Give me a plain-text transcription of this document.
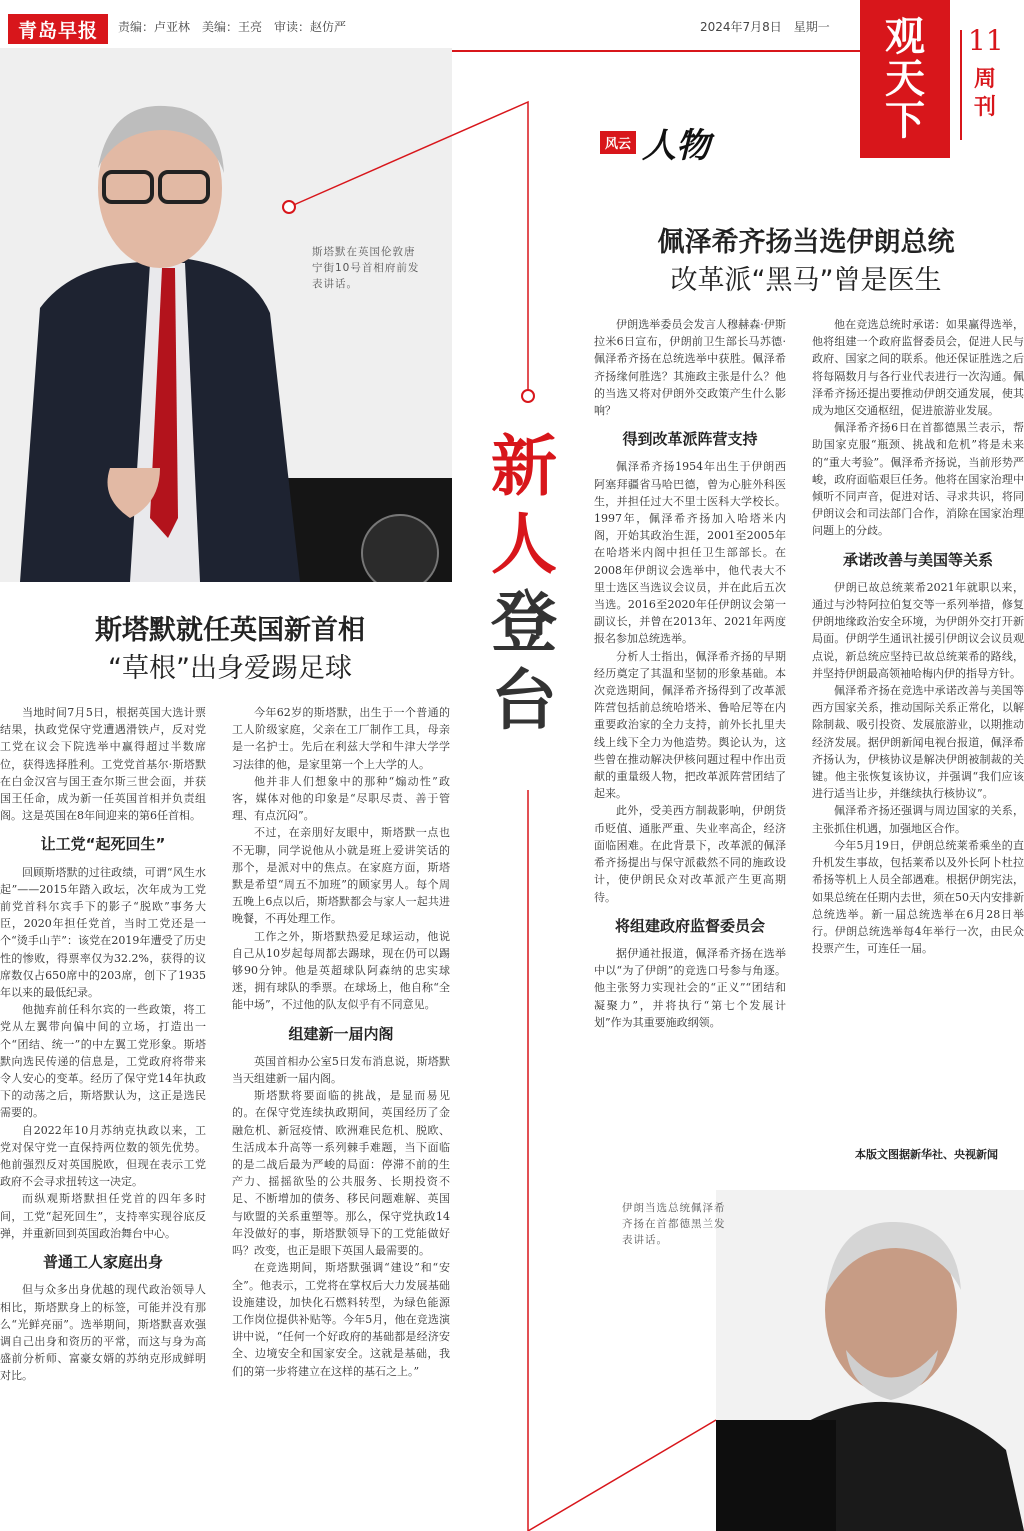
青岛早报	责编：卢亚林　美编：王亮　审读：赵仿严	2024年7月8日　星期一 观
天
下
11
周刊
斯塔默在英国伦敦唐宁街10号首相府前发表讲话。
新
人
登
台
风云 人物
佩泽希齐扬当选伊朗总统
改革派“黑马”曾是医生
斯塔默就任英国新首相
“草根”出身爱踢足球

当地时间7月5日，根据英国大选计票结果，执政党保守党遭遇滑铁卢，反对党工党在议会下院选举中赢得超过半数席位，获得选择胜利。工党党首基尔·斯塔默在白金汉宫与国王查尔斯三世会面，并获国王任命，成为新一任英国首相并负责组阁。这是英国在8年间迎来的第6任首相。

让工党“起死回生”

回顾斯塔默的过往政绩，可谓“风生水起”——2015年踏入政坛，次年成为工党前党首科尔宾手下的影子“脱欧”事务大臣，2020年担任党首，当时工党还是一个“烫手山芋”：该党在2019年遭受了历史性的惨败，得票率仅为32.2%，获得的议席数仅占650席中的203席，创下了1935年以来的最低纪录。

他抛弃前任科尔宾的一些政策，将工党从左翼带向偏中间的立场，打造出一个“团结、统一”的中左翼工党形象。斯塔默向选民传递的信息是，工党政府将带来令人安心的变革。经历了保守党14年执政下的动荡之后，斯塔默认为，这正是选民需要的。

自2022年10月苏纳克执政以来，工党对保守党一直保持两位数的领先优势。他前强烈反对英国脱欧，但现在表示工党政府不会寻求扭转这一决定。

而纵观斯塔默担任党首的四年多时间，工党“起死回生”，支持率实现谷底反弹，并重新回到英国政治舞台中心。

普通工人家庭出身

但与众多出身优越的现代政治领导人相比，斯塔默身上的标签，可能并没有那么“光鲜亮丽”。选举期间，斯塔默喜欢强调自己出身和资历的平常，而这与身为高盛前分析师、富豪女婿的苏纳克形成鲜明对比。

今年62岁的斯塔默，出生于一个普通的工人阶级家庭，父亲在工厂制作工具，母亲是一名护士。先后在利兹大学和牛津大学学习法律的他，是家里第一个上大学的人。

他并非人们想象中的那种“煽动性”政客，媒体对他的印象是“尽职尽责、善于管理、有点沉闷”。

不过，在亲朋好友眼中，斯塔默一点也不无聊，同学说他从小就是班上爱讲笑话的那个，是派对中的焦点。在家庭方面，斯塔默是希望“周五不加班”的顾家男人。每个周五晚上6点以后，斯塔默都会与家人一起共进晚餐，不再处理工作。

工作之外，斯塔默热爱足球运动，他说自己从10岁起每周都去踢球，现在仍可以踢够90分钟。他是英超球队阿森纳的忠实球迷，拥有球队的季票。在球场上，他自称“全能中场”，不过他的队友似乎有不同意见。

组建新一届内阁

英国首相办公室5日发布消息说，斯塔默当天组建新一届内阁。

斯塔默将要面临的挑战，是显而易见的。在保守党连续执政期间，英国经历了金融危机、新冠疫情、欧洲难民危机、脱欧、生活成本升高等一系列棘手难题，当下面临的是二战后最为严峻的局面：停滞不前的生产力、摇摇欲坠的公共服务、长期投资不足、不断增加的债务、移民问题难解、英国与欧盟的关系重塑等。那么，保守党执政14年没做好的事，斯塔默领导下的工党能做好吗？改变，也正是眼下英国人最需要的。

在竞选期间，斯塔默强调“建设”和“安全”。他表示，工党将在掌权后大力发展基础设施建设，加快化石燃料转型，为绿色能源工作岗位提供补贴等。今年5月，他在竞选演讲中说，“任何一个好政府的基础都是经济安全、边境安全和国家安全。这就是基础，我们的第一步将建立在这样的基石之上。”

伊朗选举委员会发言人穆赫森·伊斯拉米6日宣布，伊朗前卫生部长马苏德·佩泽希齐扬在总统选举中获胜。佩泽希齐扬缘何胜选？其施政主张是什么？他的当选又将对伊朗外交政策产生什么影响？

得到改革派阵营支持

佩泽希齐扬1954年出生于伊朗西阿塞拜疆省马哈巴德，曾为心脏外科医生，并担任过大不里士医科大学校长。1997年，佩泽希齐扬加入哈塔米内阁，开始其政治生涯，2001至2005年在哈塔米内阁中担任卫生部部长。在2008年伊朗议会选举中，他代表大不里士选区当选议会议员，并在此后五次当选。2016至2020年任伊朗议会第一副议长，并曾在2013年、2021年两度报名参加总统选举。

分析人士指出，佩泽希齐扬的早期经历奠定了其温和坚韧的形象基础。本次竞选期间，佩泽希齐扬得到了改革派阵营包括前总统哈塔米、鲁哈尼等在内重要政治家的全力支持，前外长扎里夫线上线下全力为他造势。舆论认为，这些曾在推动解决伊核问题过程中作出贡献的重量级人物，把改革派阵营团结了起来。

此外，受美西方制裁影响，伊朗货币贬值、通胀严重、失业率高企，经济面临困难。在此背景下，改革派的佩泽希齐扬提出与保守派截然不同的施政设计，使伊朗民众对改革派产生更高期待。

将组建政府监督委员会

据伊通社报道，佩泽希齐扬在选举中以“为了伊朗”的竞选口号参与角逐。他主张努力实现社会的“正义”“团结和凝聚力”，并将执行“第七个发展计划”作为其重要施政纲领。

他在竞选总统时承诺：如果赢得选举，他将组建一个政府监督委员会，促进人民与政府、国家之间的联系。他还保证胜选之后将每隔数月与各行业代表进行一次沟通。佩泽希齐扬还提出要推动伊朗交通发展，使其成为地区交通枢纽，促进旅游业发展。

佩泽希齐扬6日在首都德黑兰表示，帮助国家克服“瓶颈、挑战和危机”将是未来的“重大考验”。佩泽希齐扬说，当前形势严峻，政府面临艰巨任务。他将在国家治理中倾听不同声音，促进对话、寻求共识，将同伊朗议会和司法部门合作，消除在国家治理问题上的分歧。

承诺改善与美国等关系

伊朗已故总统莱希2021年就职以来，通过与沙特阿拉伯复交等一系列举措，修复伊朗地缘政治安全环境，为伊朗外交打开新局面。伊朗学生通讯社援引伊朗议会议员观点说，新总统应坚持已故总统莱希的路线，并坚持伊朗最高领袖哈梅内伊的指导方针。

佩泽希齐扬在竞选中承诺改善与美国等西方国家关系，推动国际关系正常化，以解除制裁、吸引投资、发展旅游业，以期推动经济发展。据伊朗新闻电视台报道，佩泽希齐扬认为，伊核协议是解决伊朗被制裁的关键。他主张恢复该协议，并强调“我们应该进行适当让步，并继续执行核协议”。

佩泽希齐扬还强调与周边国家的关系，主张抓住机遇，加强地区合作。

今年5月19日，伊朗总统莱希乘坐的直升机发生事故，包括莱希以及外长阿卜杜拉希扬等机上人员全部遇难。根据伊朗宪法，如果总统在任期内去世，须在50天内安排新总统选举。新一届总统选举在6月28日举行。伊朗总统选举每4年举行一次，由民众投票产生，可连任一届。

本版文图据新华社、央视新闻
伊朗当选总统佩泽希齐扬在首都德黑兰发表讲话。
